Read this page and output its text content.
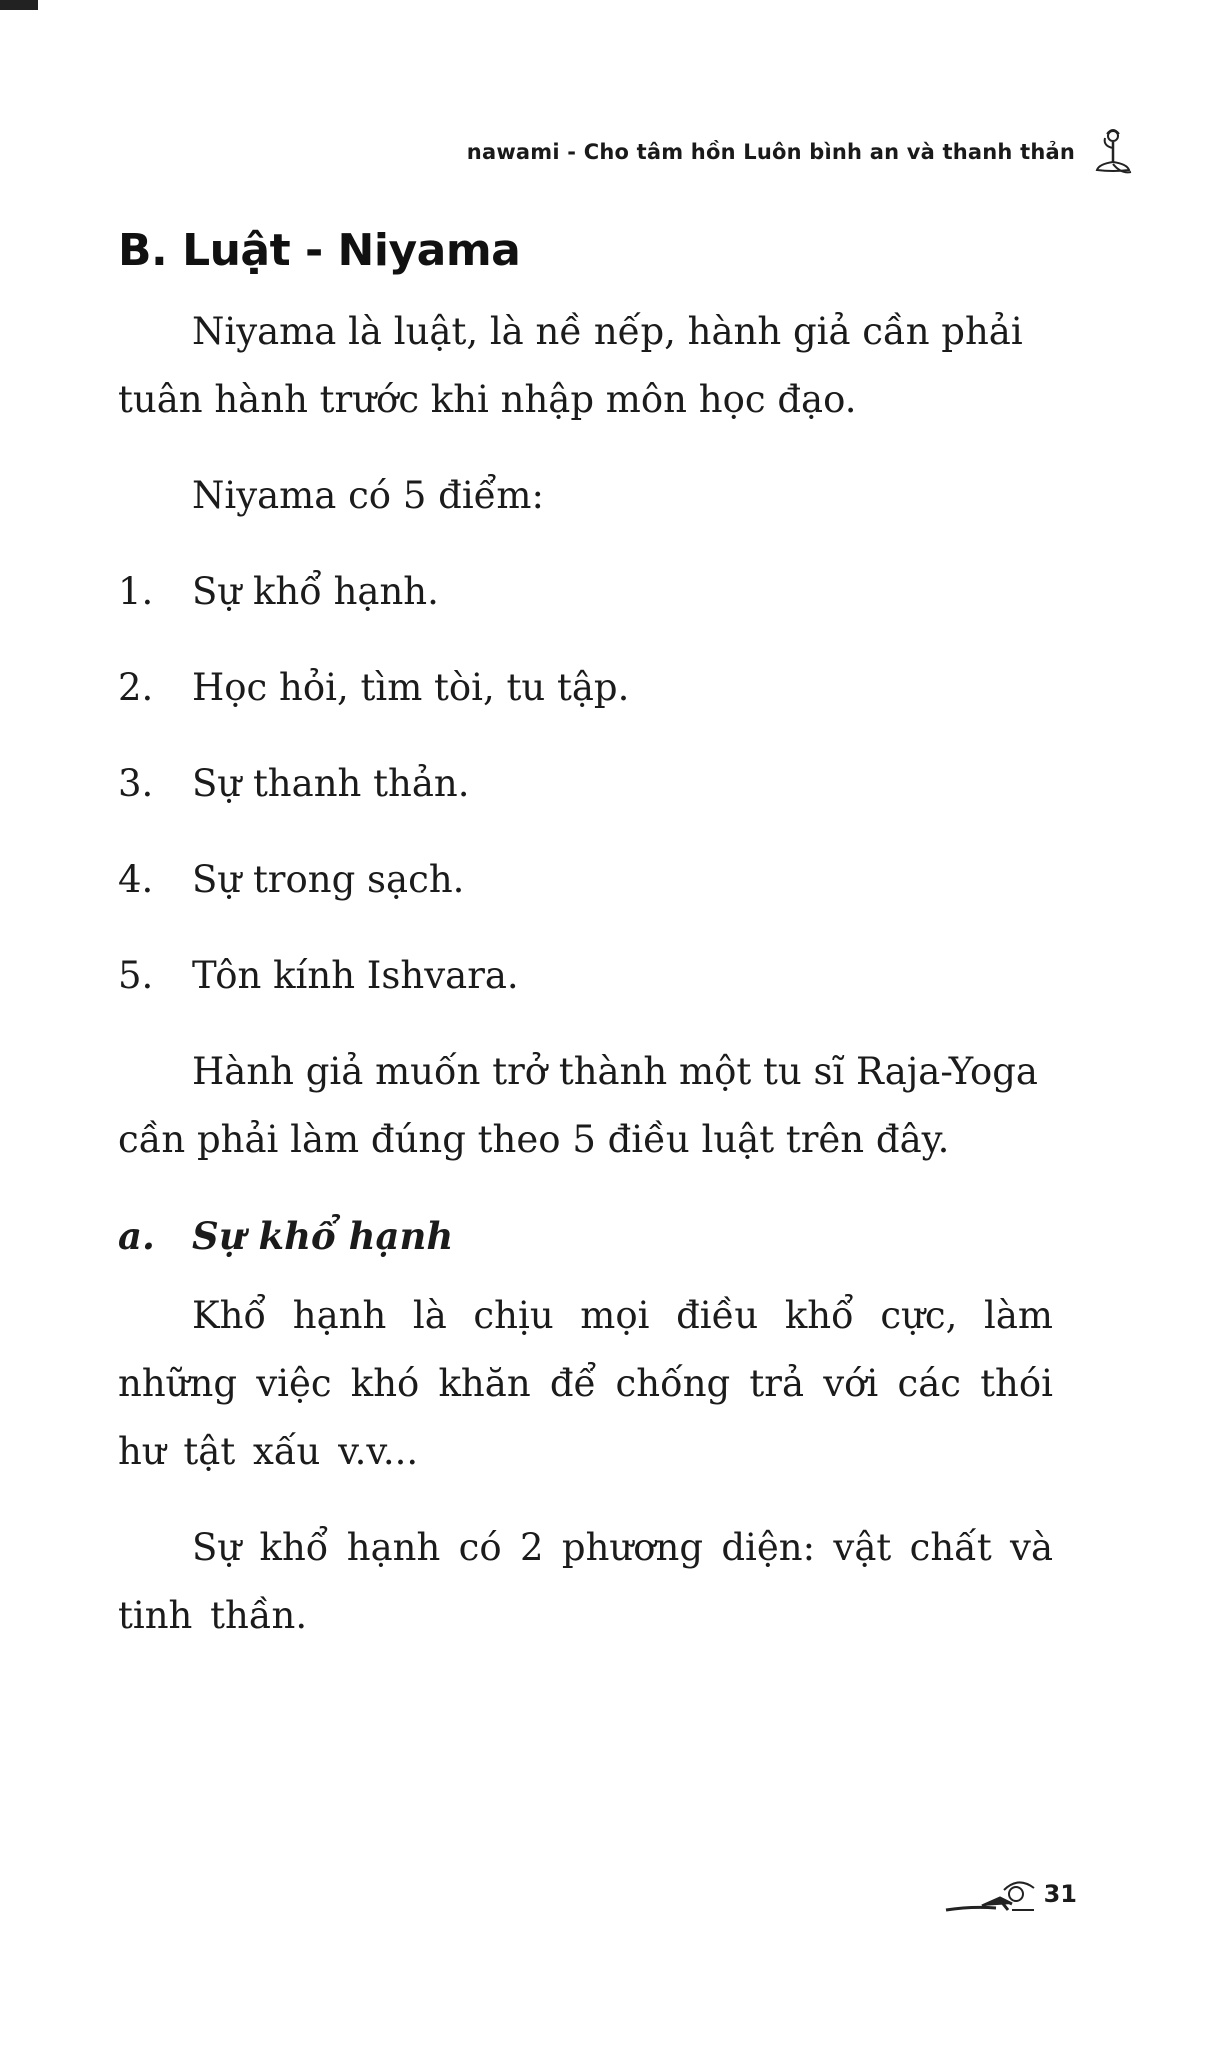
nawami - Cho tâm hồn Luôn bình an và thanh thản
B. Luật - Niyama

Niyama là luật, là nề nếp, hành giả cần phải tuân hành trước khi nhập môn học đạo.

Niyama có 5 điểm:

1.	Sự khổ hạnh.
2.	Học hỏi, tìm tòi, tu tập.
3.	Sự thanh thản.
4.	Sự trong sạch.
5.	Tôn kính Ishvara.

Hành giả muốn trở thành một tu sĩ Raja-Yoga cần phải làm đúng theo 5 điều luật trên đây.

a.	Sự khổ hạnh

Khổ hạnh là chịu mọi điều khổ cực, làm những việc khó khăn để chống trả với các thói hư tật xấu v.v...

Sự khổ hạnh có 2 phương diện: vật chất và tinh thần.

31
